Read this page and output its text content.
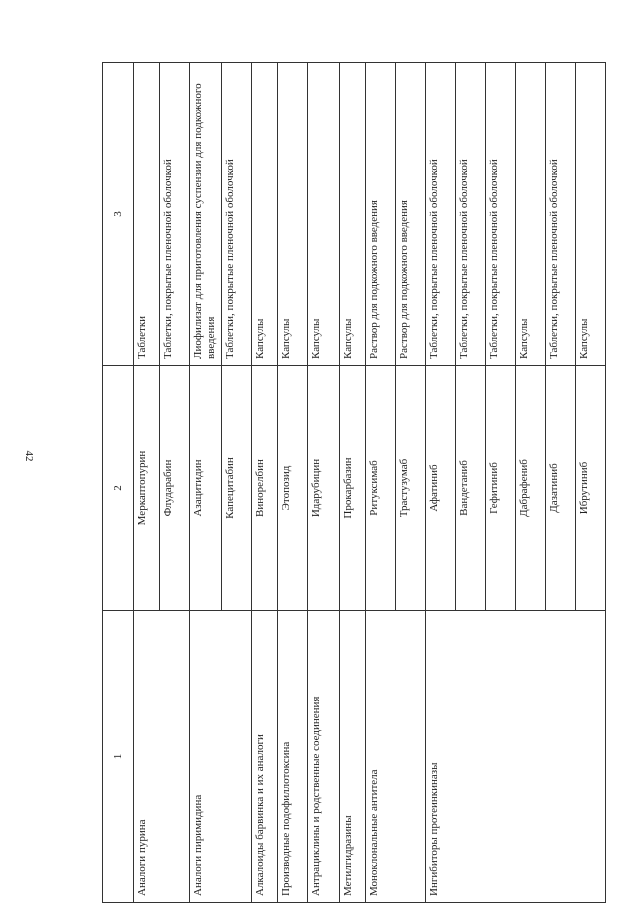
42
1	2	3
Аналоги пурина	Меркаптопурин	Таблетки
	Флударабин	Таблетки, покрытые пленочной оболочкой
Аналоги пиримидина	Азацитидин	Лиофилизат для приготовления суспензии для подкожного введения
	Капецитабин	Таблетки, покрытые пленочной оболочкой
Алкалоиды барвинка и их аналоги	Винорелбин	Капсулы
Производные подофиллотоксина	Этопозид	Капсулы
Антрациклины и родственные соединения	Идарубицин	Капсулы
Метилгидразины	Прокарбазин	Капсулы
Моноклональные антитела	Ритуксимаб	Раствор для подкожного введения
	Трастузумаб	Раствор для подкожного введения
Ингибиторы протеинкиназы	Афатиниб	Таблетки, покрытые пленочной оболочкой
	Вандетаниб	Таблетки, покрытые пленочной оболочкой
	Гефитиниб	Таблетки, покрытые пленочной оболочкой
	Дабрафениб	Капсулы
	Дазатиниб	Таблетки, покрытые пленочной оболочкой
	Ибрутиниб	Капсулы
